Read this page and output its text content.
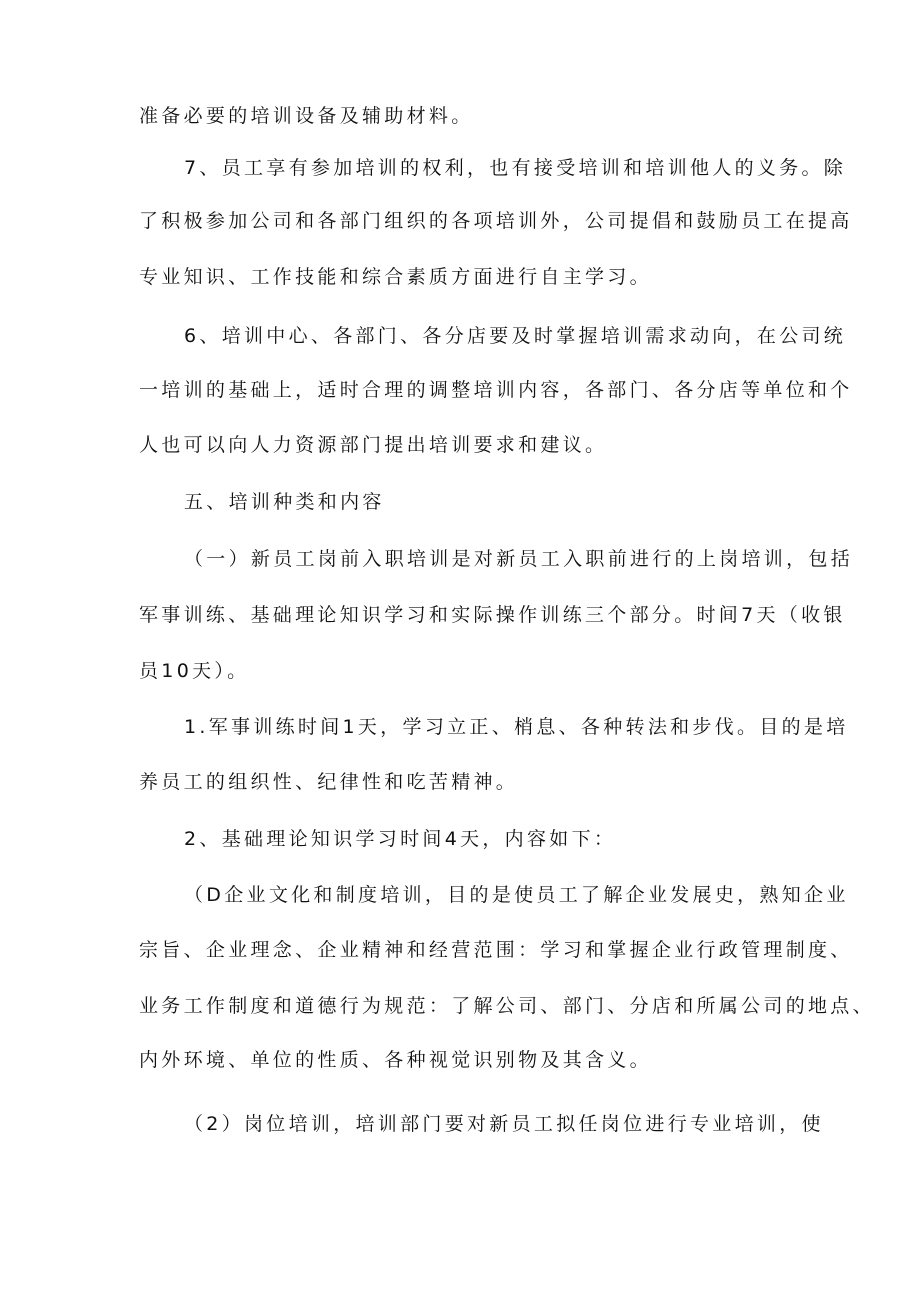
准备必要的培训设备及辅助材料。
7、员工享有参加培训的权利，也有接受培训和培训他人的义务。除
了积极参加公司和各部门组织的各项培训外，公司提倡和鼓励员工在提高
专业知识、工作技能和综合素质方面进行自主学习。
6、培训中心、各部门、各分店要及时掌握培训需求动向，在公司统
一培训的基础上，适时合理的调整培训内容，各部门、各分店等单位和个
人也可以向人力资源部门提出培训要求和建议。
五、培训种类和内容
（一）新员工岗前入职培训是对新员工入职前进行的上岗培训，包括
军事训练、基础理论知识学习和实际操作训练三个部分。时间7天（收银
员10天）。
1.军事训练时间1天，学习立正、梢息、各种转法和步伐。目的是培
养员工的组织性、纪律性和吃苦精神。
2、基础理论知识学习时间4天，内容如下：
（D企业文化和制度培训，目的是使员工了解企业发展史，熟知企业
宗旨、企业理念、企业精神和经营范围：学习和掌握企业行政管理制度、
业务工作制度和道德行为规范：了解公司、部门、分店和所属公司的地点、
内外环境、单位的性质、各种视觉识别物及其含义。
（2）岗位培训，培训部门要对新员工拟任岗位进行专业培训，使
